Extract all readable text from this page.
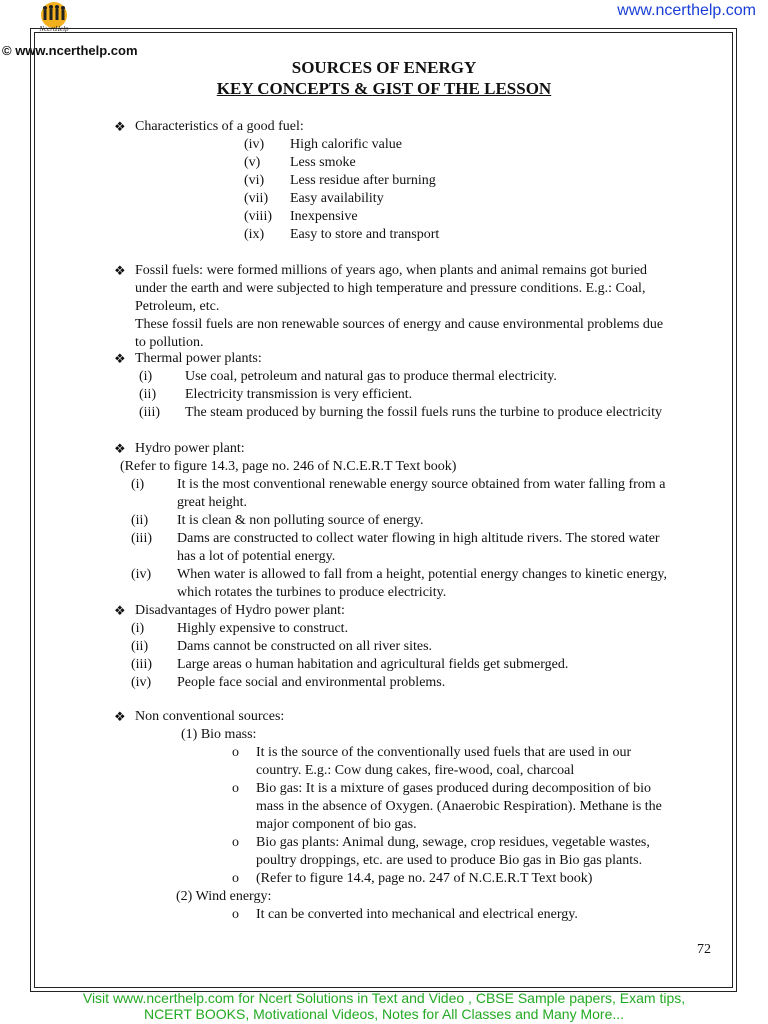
NcertHelp
www.ncerthelp.com
© www.ncerthelp.com
SOURCES OF ENERGY
KEY CONCEPTS & GIST OF THE LESSON
❖ Characteristics of a good fuel:
(iv) High calorific value
(v) Less smoke
(vi) Less residue after burning
(vii) Easy availability
(viii) Inexpensive
(ix) Easy to store and transport
❖ Fossil fuels: were formed millions of years ago, when plants and animal remains got buried
under the earth and were subjected to high temperature and pressure conditions. E.g.: Coal,
Petroleum, etc.
These fossil fuels are non renewable sources of energy and cause environmental problems due
to pollution.
❖ Thermal power plants:
(i) Use coal, petroleum and natural gas to produce thermal electricity.
(ii) Electricity transmission is very efficient.
(iii) The steam produced by burning the fossil fuels runs the turbine to produce electricity
❖ Hydro power plant:
(Refer to figure 14.3, page no. 246 of N.C.E.R.T Text book)
(i) It is the most conventional renewable energy source obtained from water falling from a
great height.
(ii) It is clean & non polluting source of energy.
(iii) Dams are constructed to collect water flowing in high altitude rivers. The stored water
has a lot of potential energy.
(iv) When water is allowed to fall from a height, potential energy changes to kinetic energy,
which rotates the turbines to produce electricity.
❖ Disadvantages of Hydro power plant:
(i) Highly expensive to construct.
(ii) Dams cannot be constructed on all river sites.
(iii) Large areas o human habitation and agricultural fields get submerged.
(iv) People face social and environmental problems.
❖ Non conventional sources:
(1) Bio mass:
o It is the source of the conventionally used fuels that are used in our
country. E.g.: Cow dung cakes, fire-wood, coal, charcoal
o Bio gas: It is a mixture of gases produced during decomposition of bio
mass in the absence of Oxygen. (Anaerobic Respiration). Methane is the
major component of bio gas.
o Bio gas plants: Animal dung, sewage, crop residues, vegetable wastes,
poultry droppings, etc. are used to produce Bio gas in Bio gas plants.
o (Refer to figure 14.4, page no. 247 of N.C.E.R.T Text book)
(2) Wind energy:
o It can be converted into mechanical and electrical energy.
72
Visit www.ncerthelp.com for Ncert Solutions in Text and Video , CBSE Sample papers, Exam tips,
NCERT BOOKS, Motivational Videos, Notes for All Classes and Many More...
